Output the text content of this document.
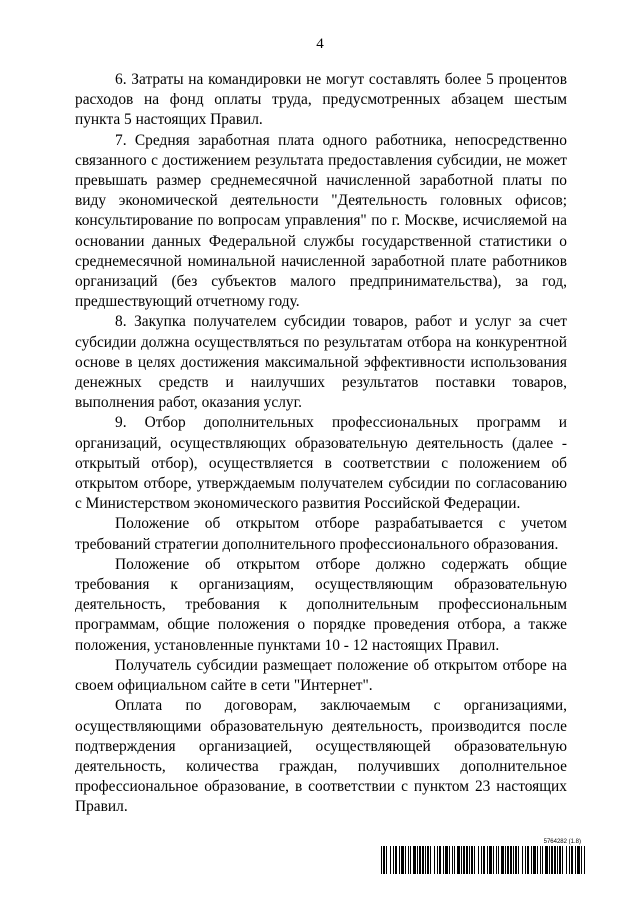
4

6. Затраты на командировки не могут составлять более 5 процентов расходов на фонд оплаты труда, предусмотренных абзацем шестым пункта 5 настоящих Правил.

7. Средняя заработная плата одного работника, непосредственно связанного с достижением результата предоставления субсидии, не может превышать размер среднемесячной начисленной заработной платы по виду экономической деятельности "Деятельность головных офисов; консультирование по вопросам управления" по г. Москве, исчисляемой на основании данных Федеральной службы государственной статистики о среднемесячной номинальной начисленной заработной плате работников организаций (без субъектов малого предпринимательства), за год, предшествующий отчетному году.

8. Закупка получателем субсидии товаров, работ и услуг за счет субсидии должна осуществляться по результатам отбора на конкурентной основе в целях достижения максимальной эффективности использования денежных средств и наилучших результатов поставки товаров, выполнения работ, оказания услуг.

9. Отбор дополнительных профессиональных программ и организаций, осуществляющих образовательную деятельность (далее - открытый отбор), осуществляется в соответствии с положением об открытом отборе, утверждаемым получателем субсидии по согласованию с Министерством экономического развития Российской Федерации.

Положение об открытом отборе разрабатывается с учетом требований стратегии дополнительного профессионального образования.

Положение об открытом отборе должно содержать общие требования к организациям, осуществляющим образовательную деятельность, требования к дополнительным профессиональным программам, общие положения о порядке проведения отбора, а также положения, установленные пунктами 10 - 12 настоящих Правил.

Получатель субсидии размещает положение об открытом отборе на своем официальном сайте в сети "Интернет".

Оплата по договорам, заключаемым с организациями, осуществляющими образовательную деятельность, производится после подтверждения организацией, осуществляющей образовательную деятельность, количества граждан, получивших дополнительное профессиональное образование, в соответствии с пунктом 23 настоящих Правил.

5764282 (1.8)
